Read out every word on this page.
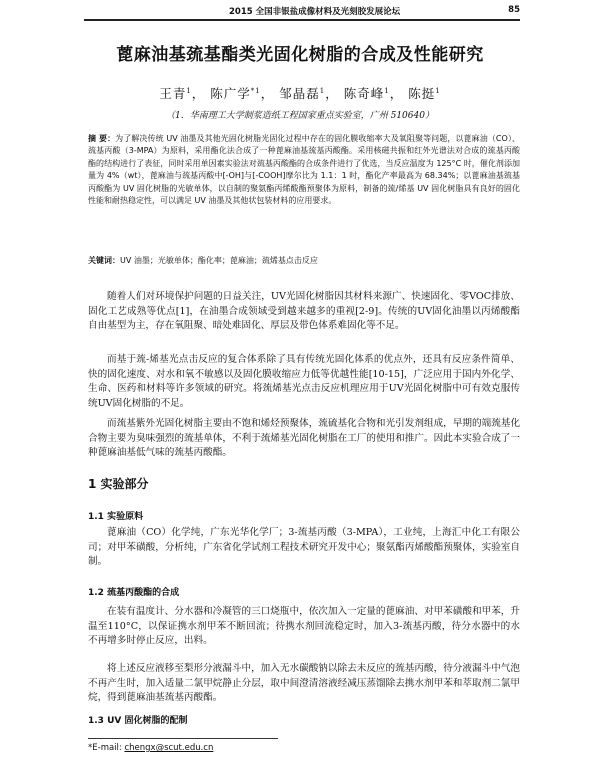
2015 全国非银盐成像材料及光刻胶发展论坛	85
蓖麻油基巯基酯类光固化树脂的合成及性能研究
王青$^1$， 陈广学$^{*1}$， 邹晶磊$^1$， 陈奇峰$^1$， 陈挺$^1$
（1．华南理工大学制浆造纸工程国家重点实验室，广州 510640）
摘 要：为了解决传统 UV 油墨及其他光固化树脂光固化过程中存在的固化膜收缩率大及氧阻聚等问题，以蓖麻油（CO）、巯基丙酸（3-MPA）为原料，采用酯化法合成了一种蓖麻油基巯基丙酸酯。采用核磁共振和红外光谱法对合成的巯基丙酸酯的结构进行了表征，同时采用单因素实验法对巯基丙酸酯的合成条件进行了优选，当反应温度为 125°C 时，催化剂添加量为 4%（wt），蓖麻油与巯基丙酸中[-OH]与[-COOH]摩尔比为 1.1：1 时，酯化产率最高为 68.34%；以蓖麻油基巯基丙酸酯为 UV 固化树脂的光敏单体，以自制的聚氨酯丙烯酸酯预聚体为原料，制备的巯/烯基 UV 固化树脂具有良好的固化性能和耐热稳定性，可以满足 UV 油墨及其他状包装材料的应用要求。
关键词：UV 油墨；光敏单体；酯化率；蓖麻油；巯烯基点击反应
随着人们对环境保护问题的日益关注，UV光固化树脂因其材料来源广、快速固化、零VOC排放、固化工艺成熟等优点[1]，在油墨合成领域受到越来越多的重视[2-9]。传统的UV固化油墨以丙烯酸酯自由基型为主，存在氧阻聚、暗处难固化、厚层及带色体系难固化等不足。
而基于巯-烯基光点击反应的复合体系除了具有传统光固化体系的优点外，还具有反应条件简单、快的固化速度、对水和氧不敏感以及固化膜收缩应力低等优越性能[10-15]，广泛应用于国内外化学、生命、医药和材料等许多领域的研究。将巯烯基光点击反应机理应用于UV光固化树脂中可有效克服传统UV固化树脂的不足。
而巯基紫外光固化树脂主要由不饱和烯烃预聚体，巯硫基化合物和光引发剂组成，早期的端巯基化合物主要为臭味强烈的巯基单体，不利于巯烯基光固化树脂在工厂的使用和推广。因此本实验合成了一种蓖麻油基低气味的巯基丙酸酯。
1 实验部分
1.1 实验原料
蓖麻油（CO）化学纯，广东光华化学厂；3-巯基丙酸（3-MPA），工业纯，上海汇中化工有限公司；对甲苯磺酸，分析纯，广东省化学试剂工程技术研究开发中心；聚氨酯丙烯酸酯预聚体，实验室自制。
1.2 巯基丙酸酯的合成
在装有温度计、分水器和冷凝管的三口烧瓶中，依次加入一定量的蓖麻油、对甲苯磺酸和甲苯，升温至110°C，以保证携水剂甲苯不断回流；待携水剂回流稳定时，加入3-巯基丙酸，待分水器中的水不再增多时停止反应，出料。
将上述反应液移至梨形分液漏斗中，加入无水碳酸钠以除去未反应的巯基丙酸，待分液漏斗中气泡不再产生时，加入适量二氯甲烷静止分层，取中间澄清溶液经减压蒸馏除去携水剂甲苯和萃取剂二氯甲烷，得到蓖麻油基巯基丙酸酯。
1.3 UV 固化树脂的配制
*E-mail: chengx@scut.edu.cn
